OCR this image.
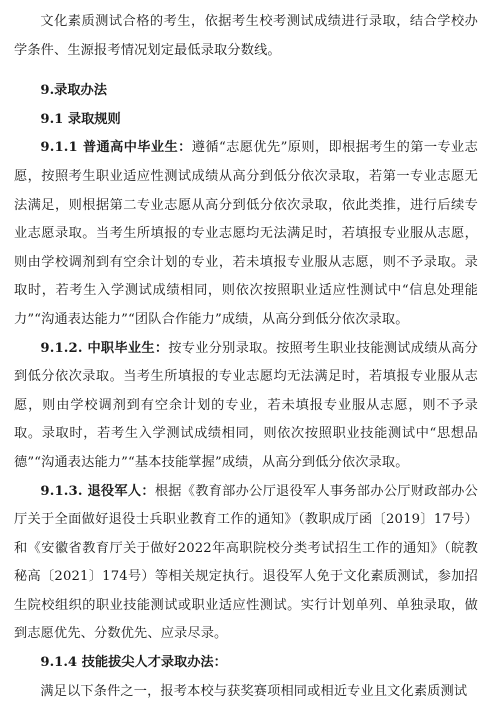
文化素质测试合格的考生，依据考生校考测试成绩进行录取，结合学校办学条件、生源报考情况划定最低录取分数线。

9.录取办法

9.1 录取规则

9.1.1 普通高中毕业生：遵循“志愿优先”原则，即根据考生的第一专业志愿，按照考生职业适应性测试成绩从高分到低分依次录取，若第一专业志愿无法满足，则根据第二专业志愿从高分到低分依次录取，依此类推，进行后续专业志愿录取。当考生所填报的专业志愿均无法满足时，若填报专业服从志愿，则由学校调剂到有空余计划的专业，若未填报专业服从志愿，则不予录取。录取时，若考生入学测试成绩相同，则依次按照职业适应性测试中“信息处理能力”“沟通表达能力”“团队合作能力”成绩，从高分到低分依次录取。

9.1.2. 中职毕业生：按专业分别录取。按照考生职业技能测试成绩从高分到低分依次录取。当考生所填报的专业志愿均无法满足时，若填报专业服从志愿，则由学校调剂到有空余计划的专业，若未填报专业服从志愿，则不予录取。录取时，若考生入学测试成绩相同，则依次按照职业技能测试中“思想品德”“沟通表达能力”“基本技能掌握”成绩，从高分到低分依次录取。

9.1.3. 退役军人：根据《教育部办公厅退役军人事务部办公厅财政部办公厅关于全面做好退役士兵职业教育工作的通知》（教职成厅函〔2019〕17号）和《安徽省教育厅关于做好2022年高职院校分类考试招生工作的通知》（皖教秘高〔2021〕174号）等相关规定执行。退役军人免于文化素质测试，参加招生院校组织的职业技能测试或职业适应性测试。实行计划单列、单独录取，做到志愿优先、分数优先、应录尽录。

9.1.4 技能拔尖人才录取办法：

满足以下条件之一，报考本校与获奖赛项相同或相近专业且文化素质测试
